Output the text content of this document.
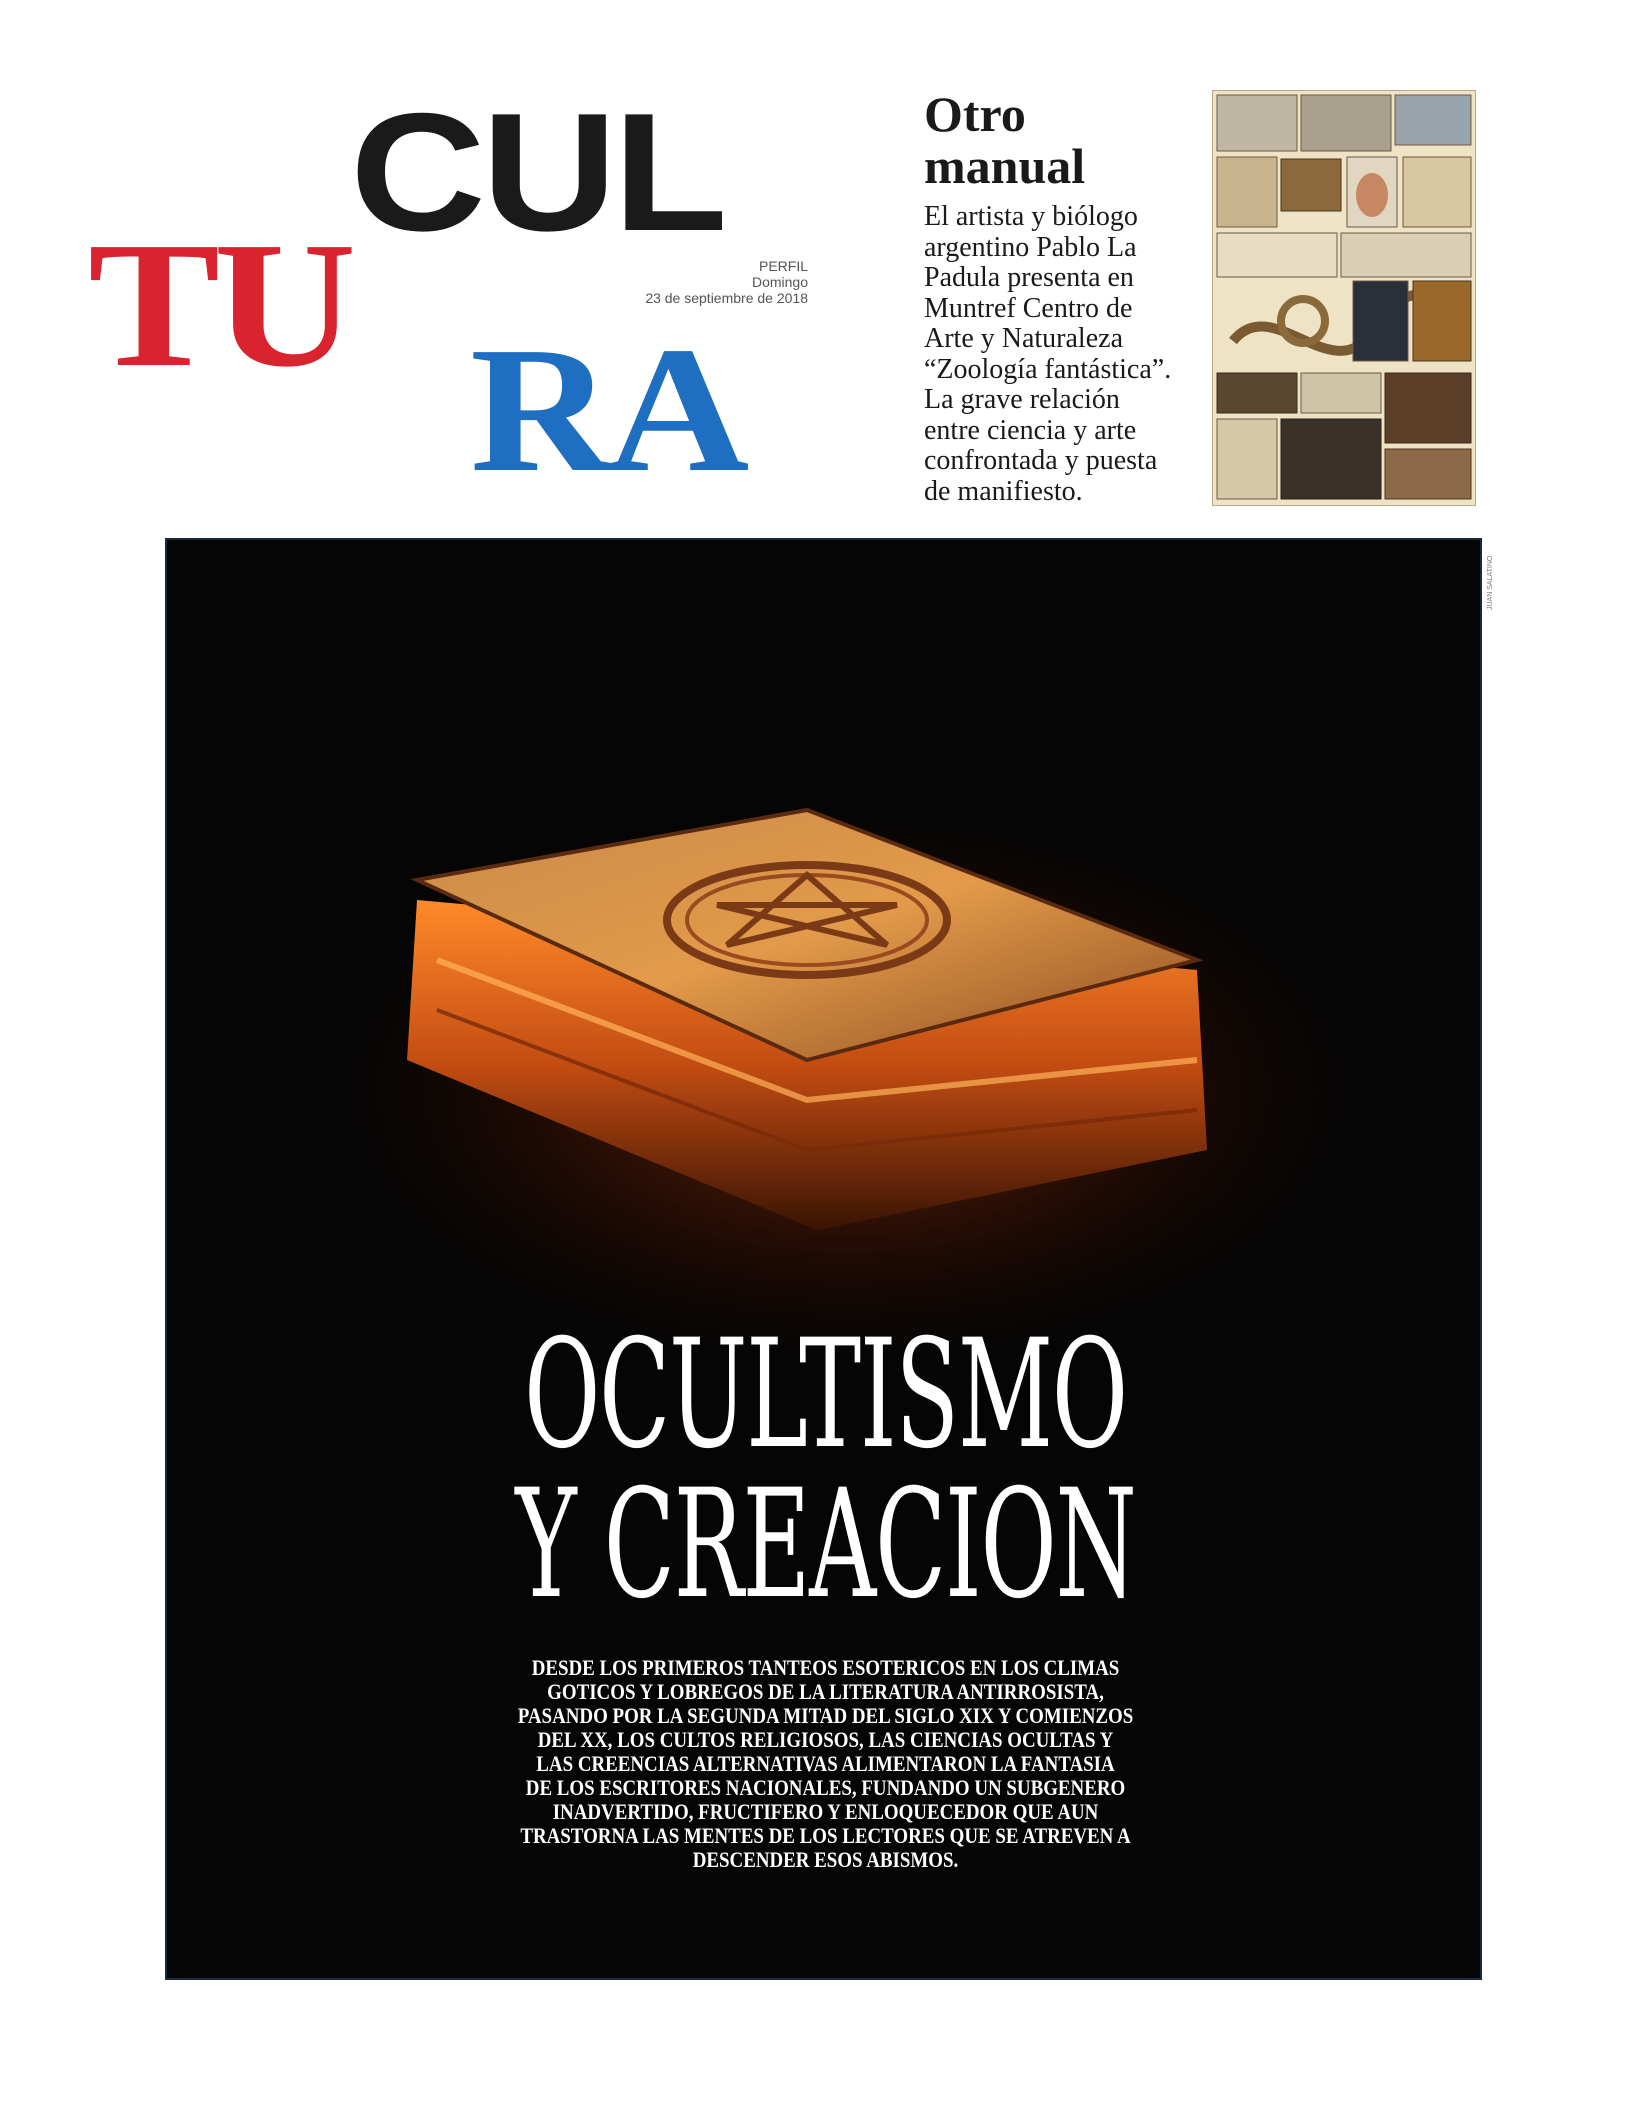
CUL
TU
RA
PERFIL
Domingo
23 de septiembre de 2018
Otro
manual
El artista y biólogo
argentino Pablo La
Padula presenta en
Muntref Centro de
Arte y Naturaleza
“Zoología fantástica”.
La grave relación
entre ciencia y arte
confrontada y puesta
de manifiesto.
JUAN SALATINO
OCULTISMO
Y CREACION
DESDE LOS PRIMEROS TANTEOS ESOTERICOS EN LOS CLIMAS
GOTICOS Y LOBREGOS DE LA LITERATURA ANTIRROSISTA,
PASANDO POR LA SEGUNDA MITAD DEL SIGLO XIX Y COMIENZOS
DEL XX, LOS CULTOS RELIGIOSOS, LAS CIENCIAS OCULTAS Y
LAS CREENCIAS ALTERNATIVAS ALIMENTARON LA FANTASIA
DE LOS ESCRITORES NACIONALES, FUNDANDO UN SUBGENERO
INADVERTIDO, FRUCTIFERO Y ENLOQUECEDOR QUE AUN
TRASTORNA LAS MENTES DE LOS LECTORES QUE SE ATREVEN A
DESCENDER ESOS ABISMOS.
